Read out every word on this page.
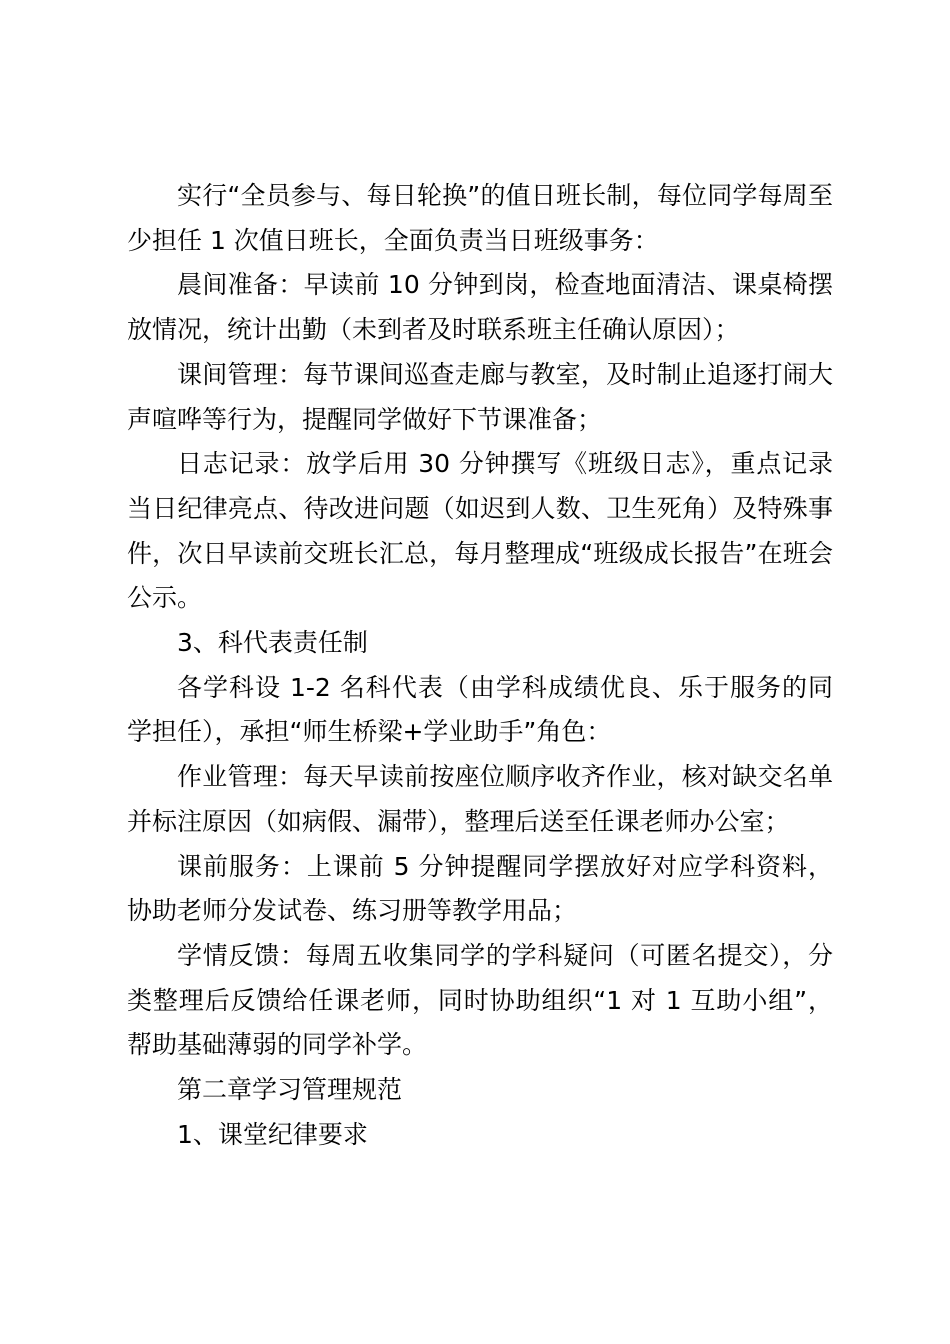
实行“全员参与、每日轮换”的值日班长制，每位同学每周至少担任 1 次值日班长，全面负责当日班级事务：

晨间准备：早读前 10 分钟到岗，检查地面清洁、课桌椅摆放情况，统计出勤（未到者及时联系班主任确认原因）；

课间管理：每节课间巡查走廊与教室，及时制止追逐打闹大声喧哗等行为，提醒同学做好下节课准备；

日志记录：放学后用 30 分钟撰写《班级日志》，重点记录当日纪律亮点、待改进问题（如迟到人数、卫生死角）及特殊事件，次日早读前交班长汇总，每月整理成“班级成长报告”在班会公示。

3、科代表责任制

各学科设 1-2 名科代表（由学科成绩优良、乐于服务的同学担任），承担“师生桥梁+学业助手”角色：

作业管理：每天早读前按座位顺序收齐作业，核对缺交名单并标注原因（如病假、漏带），整理后送至任课老师办公室；

课前服务：上课前 5 分钟提醒同学摆放好对应学科资料，协助老师分发试卷、练习册等教学用品；

学情反馈：每周五收集同学的学科疑问（可匿名提交），分类整理后反馈给任课老师，同时协助组织“1 对 1 互助小组”，帮助基础薄弱的同学补学。

第二章学习管理规范

1、课堂纪律要求
